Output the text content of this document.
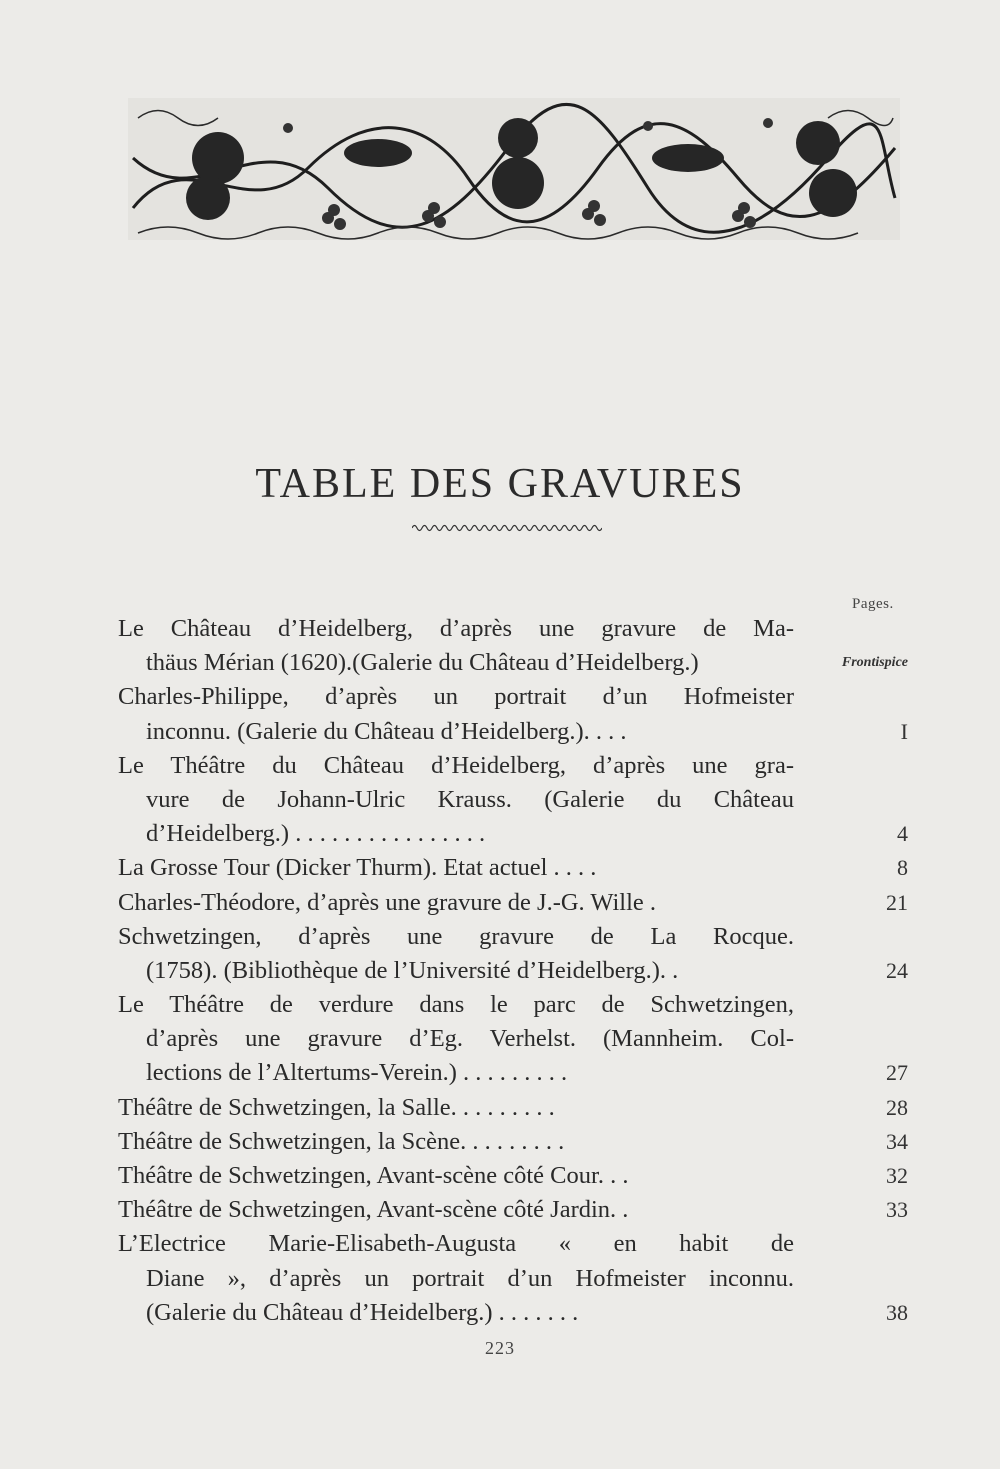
TABLE DES GRAVURES
Pages.
Le Château d’Heidelberg, d’après une gravure de Ma-
thäus Mérian (1620).(Galerie du Château d’Heidelberg.)	Frontispice
Charles-Philippe, d’après un portrait d’un Hofmeister
inconnu. (Galerie du Château d’Heidelberg.). . . .	I
Le Théâtre du Château d’Heidelberg, d’après une gra-
vure de Johann-Ulric Krauss. (Galerie du Château
d’Heidelberg.) . . . . . . . . . . . . . . . .	4
La Grosse Tour (Dicker Thurm). Etat actuel . . . .	8
Charles-Théodore, d’après une gravure de J.-G. Wille .	21
Schwetzingen, d’après une gravure de La Rocque.
(1758). (Bibliothèque de l’Université d’Heidelberg.). .	24
Le Théâtre de verdure dans le parc de Schwetzingen,
d’après une gravure d’Eg. Verhelst. (Mannheim. Col-
lections de l’Altertums-Verein.) . . . . . . . . .	27
Théâtre de Schwetzingen, la Salle. . . . . . . . .	28
Théâtre de Schwetzingen, la Scène. . . . . . . . .	34
Théâtre de Schwetzingen, Avant-scène côté Cour. . .	32
Théâtre de Schwetzingen, Avant-scène côté Jardin. .	33
L’Electrice Marie-Elisabeth-Augusta « en habit de
Diane », d’après un portrait d’un Hofmeister inconnu.
(Galerie du Château d’Heidelberg.) . . . . . . .	38
223
